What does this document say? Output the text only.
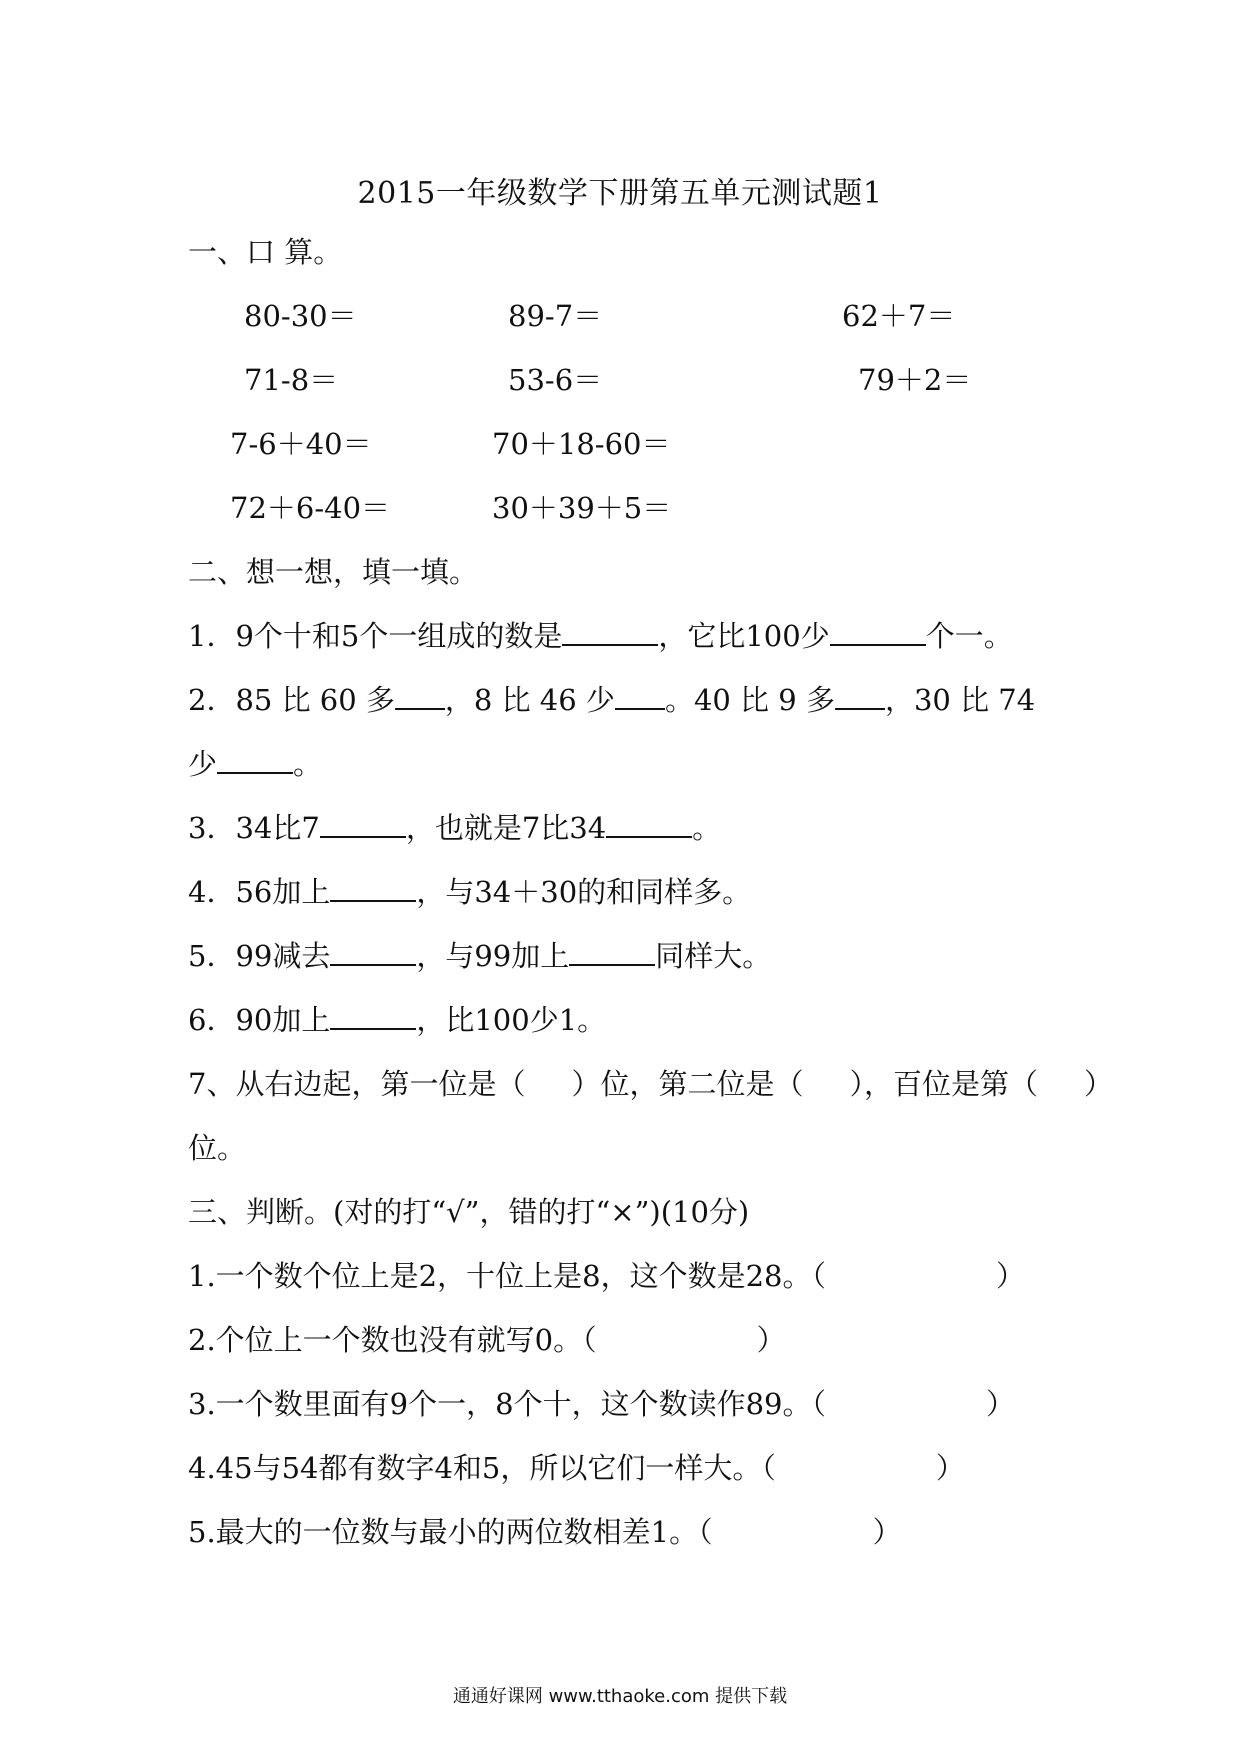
2015一年级数学下册第五单元测试题1
一、口 算。
80-30＝	89-7＝	62＋7＝
71-8＝	53-6＝	79＋2＝
7-6＋40＝	70＋18-60＝
72＋6-40＝	30＋39＋5＝
二、想一想，填一填。
1．9个十和5个一组成的数是	，它比100少	个一。
2．85 比 60 多 ，8 比 46 少 。40 比 9 多 ，30 比 74
少	。
3．34比7	，也就是7比34	。
4．56加上	，与34＋30的和同样多。
5．99减去	，与99加上	同样大。
6．90加上	，比100少1。
7、从右边起，第一位是（ ）位，第二位是（ ），百位是第（ ）
位。
三、判断。(对的打“√”，错的打“×”)(10分)
1.一个数个位上是2，十位上是8，这个数是28。（	）
2.个位上一个数也没有就写0。（	）
3.一个数里面有9个一，8个十，这个数读作89。（	）
4.45与54都有数字4和5，所以它们一样大。（	）
5.最大的一位数与最小的两位数相差1。（	）
通通好课网 www.tthaoke.com 提供下载
